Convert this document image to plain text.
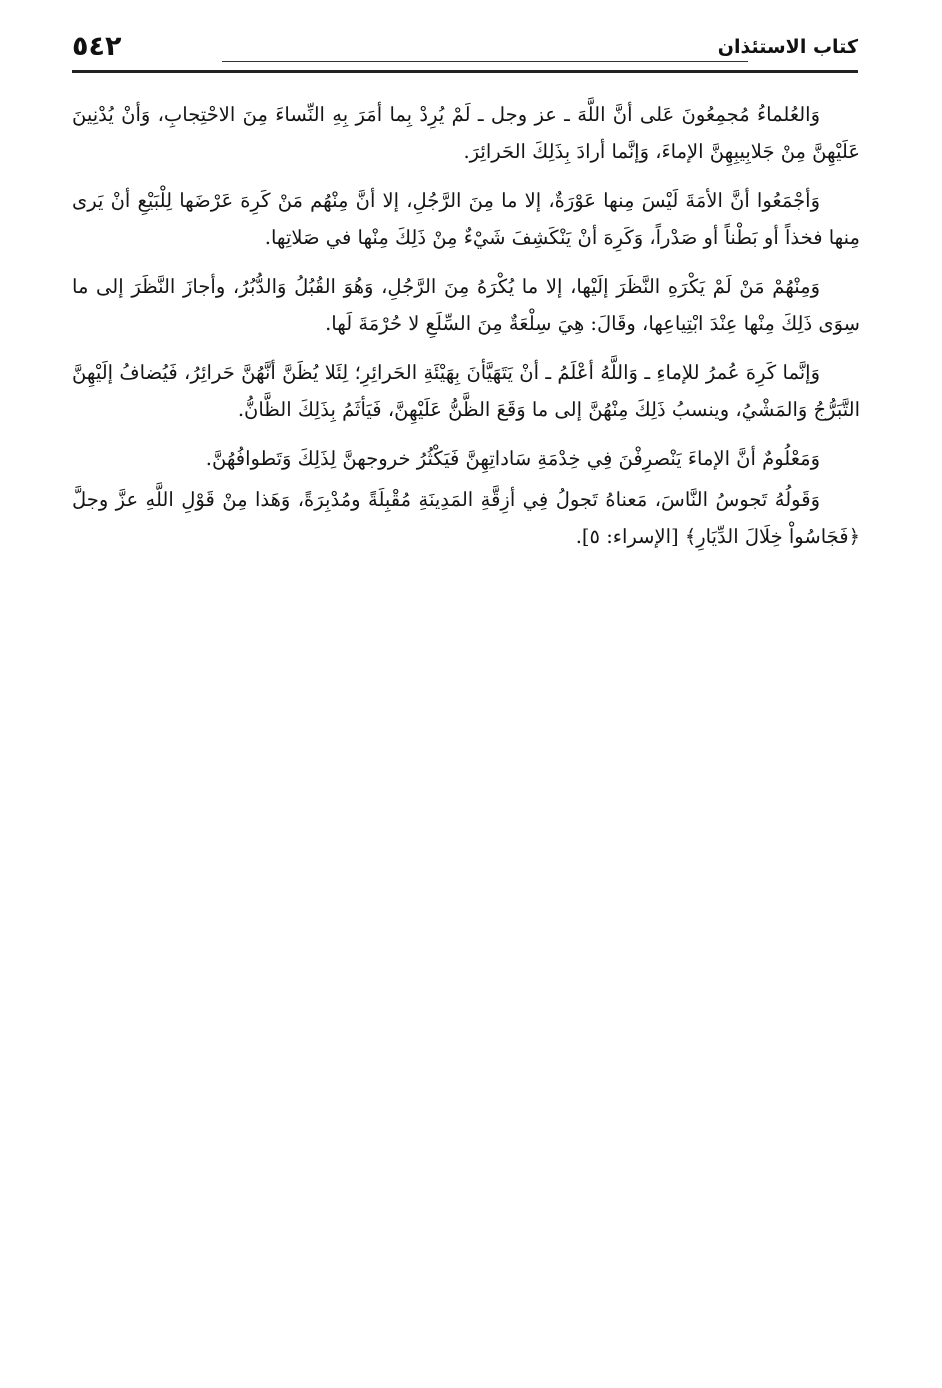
٥٤٢	كتاب الاستئذان

وَالعُلماءُ مُجمِعُونَ عَلى أنَّ اللَّهَ ـ عز وجل ـ لَمْ يُرِدْ بِما أمَرَ بِهِ النِّساءَ مِنَ الاحْتِجابِ، وَأنْ يُدْنِينَ عَلَيْهِنَّ مِنْ جَلابِيبِهِنَّ الإماءَ، وَإنَّما أرادَ بِذَلِكَ الحَرائِرَ.

وَأجْمَعُوا أنَّ الأمَةَ لَيْسَ مِنها عَوْرَةٌ، إلا ما مِنَ الرَّجُلِ، إلا أنَّ مِنْهُم مَنْ كَرِهَ عَرْضَها لِلْبَيْعِ أنْ يَرى مِنها فخذاً أو بَطْناً أو صَدْراً، وَكَرِهَ أنْ يَنْكَشِفَ شَيْءٌ مِنْ ذَلِكَ مِنْها في صَلاتِها.

وَمِنْهُمْ مَنْ لَمْ يَكْرَهِ النَّظَرَ إلَيْها، إلا ما يُكْرَهُ مِنَ الرَّجُلِ، وَهُوَ القُبُلُ وَالدُّبُرُ، وأجازَ النَّظَرَ إلى ما سِوَى ذَلِكَ مِنْها عِنْدَ ابْتِياعِها، وقَالَ: هِيَ سِلْعَةٌ مِنَ السِّلَعِ لا حُرْمَةَ لَها.

وَإنَّما كَرِهَ عُمرُ للإماءِ ـ وَاللَّهُ أعْلَمُ ـ أنْ يَتَهَيَّأنَ بِهَيْئَةِ الحَرائِرِ؛ لِئَلا يُظَنَّ أنَّهُنَّ حَرائِرُ، فَيُضافُ إلَيْهِنَّ التَّبَرُّجُ وَالمَشْيُ، وينسبُ ذَلِكَ مِنْهُنَّ إلى ما وَقَعَ الظَّنُّ عَلَيْهِنَّ، فَيَأثَمُ بِذَلِكَ الظَّانُّ.

وَمَعْلُومٌ أنَّ الإماءَ يَنْصرِفْنَ فِي خِدْمَةِ سَاداتِهِنَّ فَيَكْثُرُ خروجهنَّ لِذَلِكَ وَتَطوافُهُنَّ.

وَقَولُهُ تَجوسُ النَّاسَ، مَعناهُ تَجولُ فِي أزِقَّةِ المَدِينَةِ مُقْبِلَةً ومُدْبِرَةً، وَهَذا مِنْ قَوْلِ اللَّهِ عزَّ وجلَّ ﴿فَجَاسُواْ خِلَالَ الدِّيَارِ﴾ [الإسراء: ٥].
